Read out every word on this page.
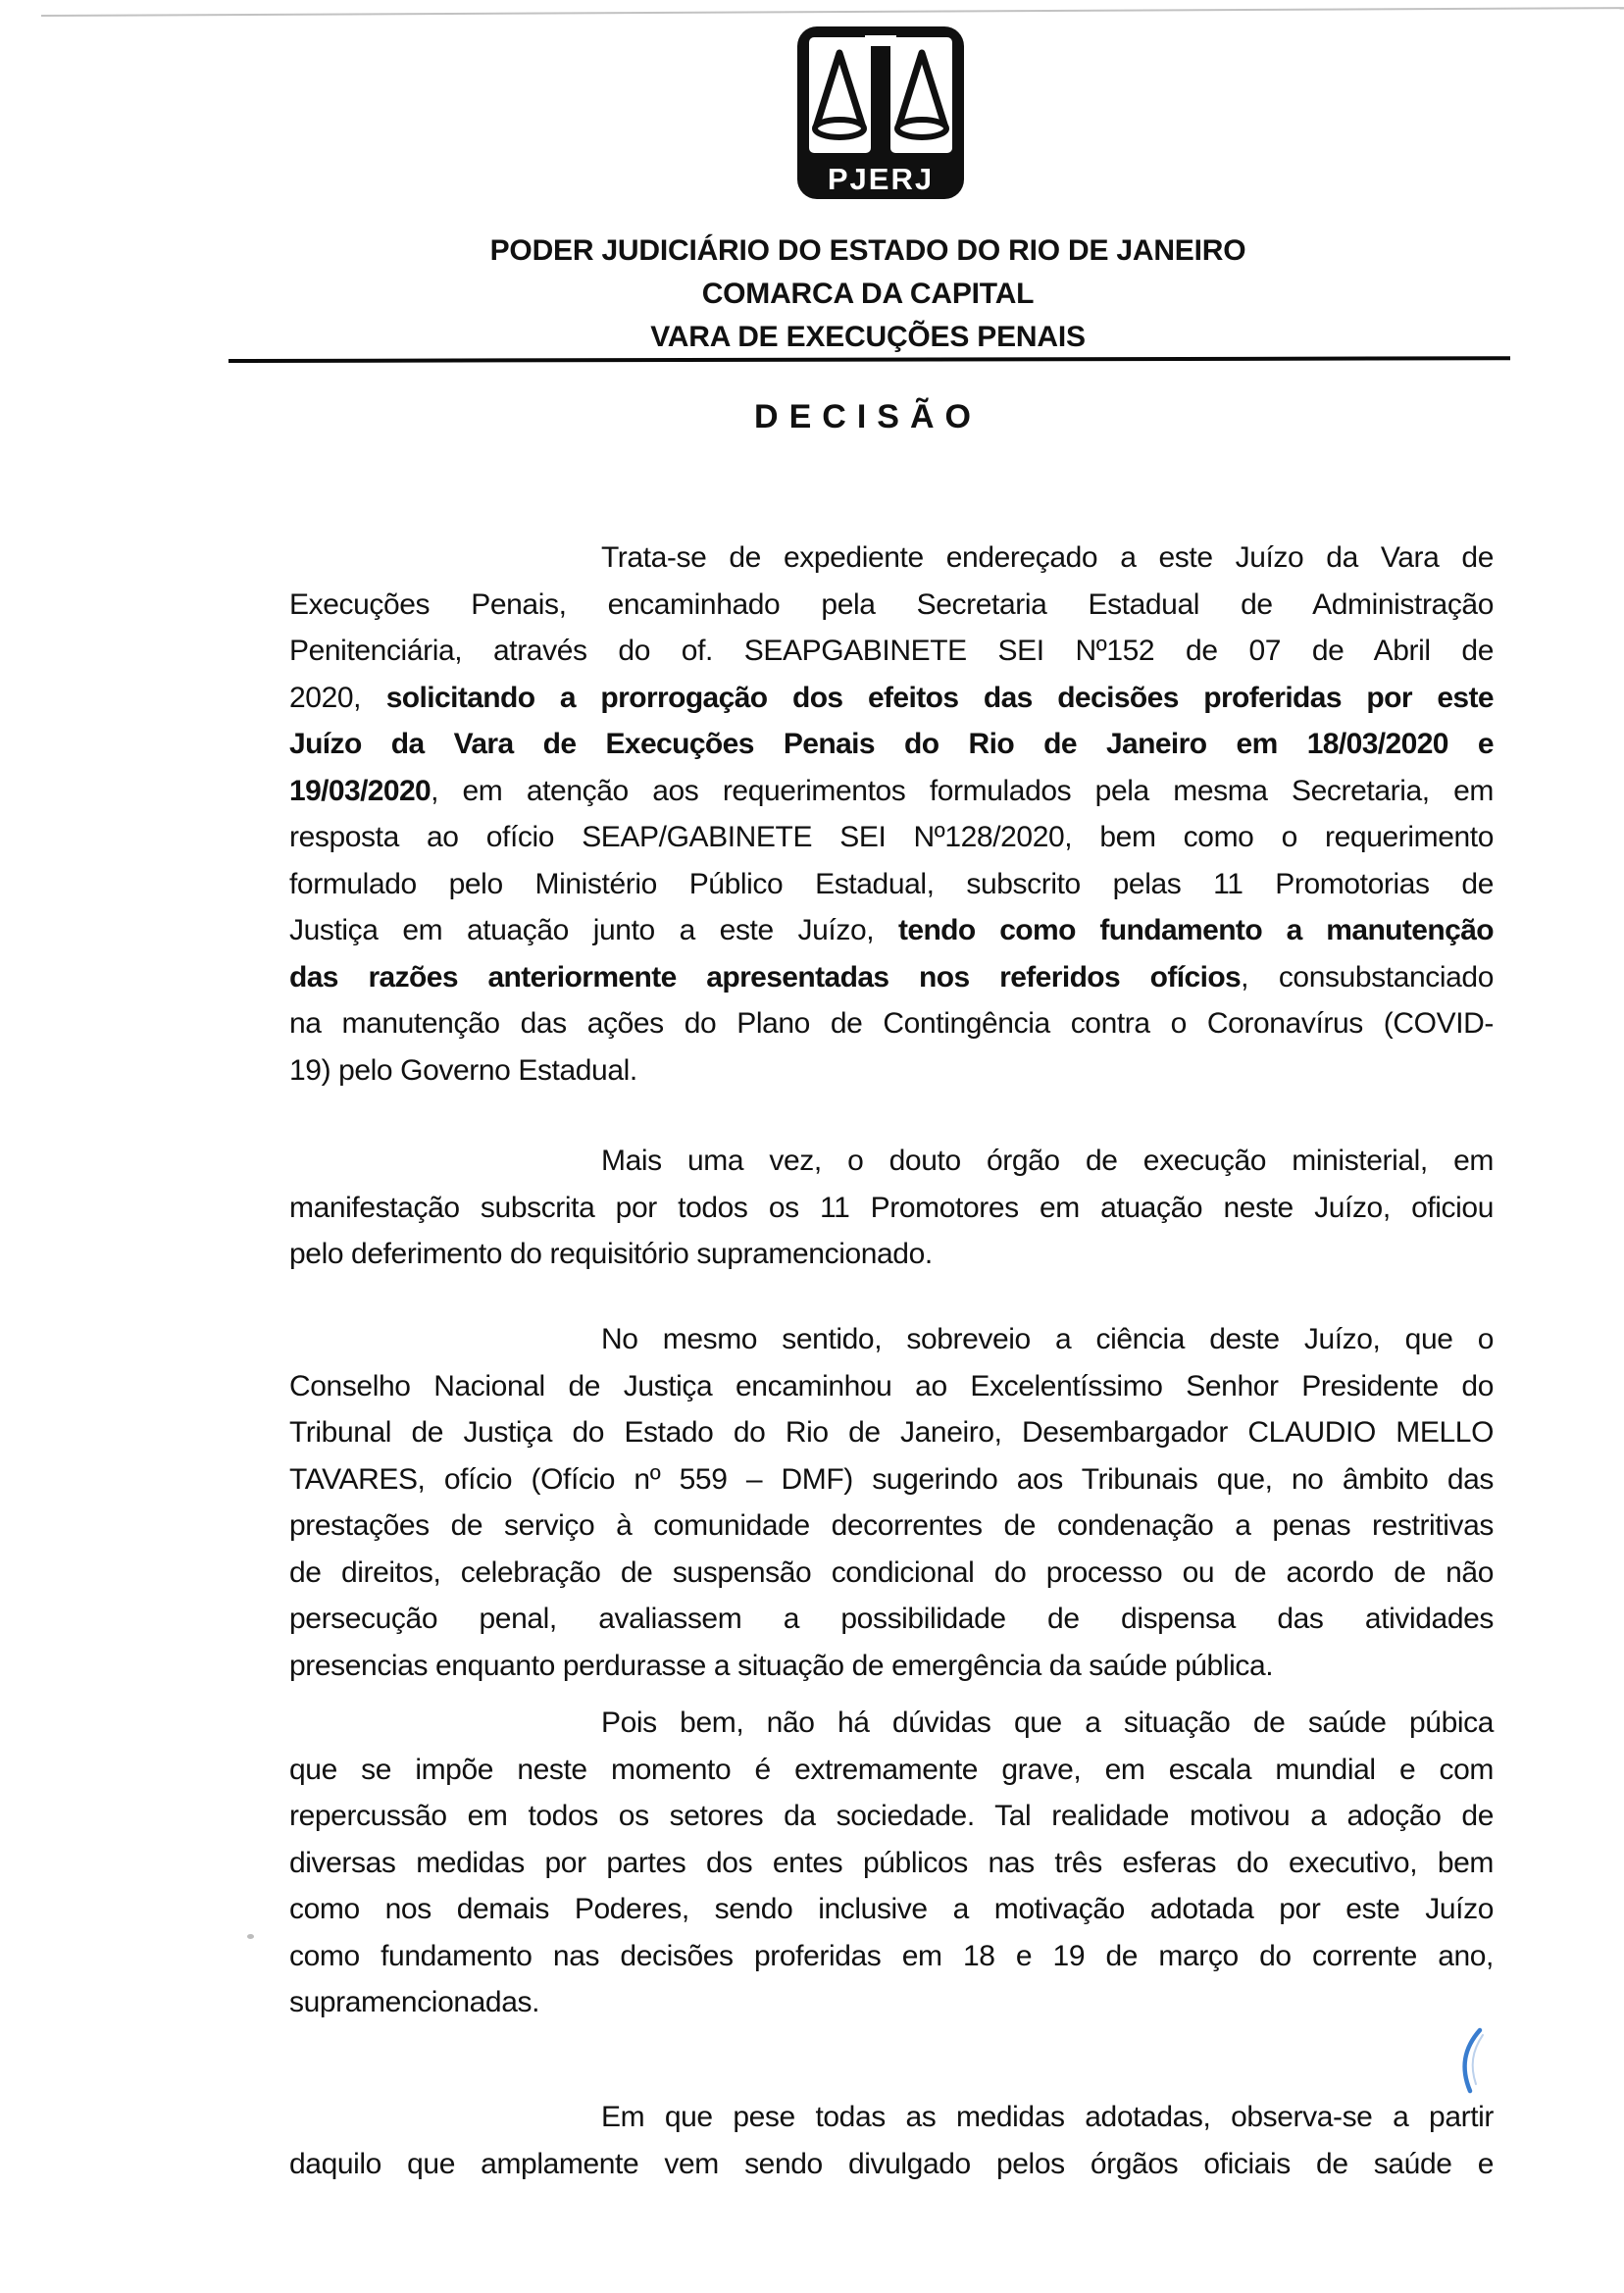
PJERJ
PODER JUDICIÁRIO DO ESTADO DO RIO DE JANEIRO
COMARCA DA CAPITAL
VARA DE EXECUÇÕES PENAIS
DECISÃO
Trata-se de expediente endereçado a este Juízo da Vara de
Execuções Penais, encaminhado pela Secretaria Estadual de Administração
Penitenciária, através do of. SEAPGABINETE SEI Nº152 de 07 de Abril de
2020, solicitando a prorrogação dos efeitos das decisões proferidas por este
Juízo da Vara de Execuções Penais do Rio de Janeiro em 18/03/2020 e
19/03/2020, em atenção aos requerimentos formulados pela mesma Secretaria, em
resposta ao ofício SEAP/GABINETE SEI Nº128/2020, bem como o requerimento
formulado pelo Ministério Público Estadual, subscrito pelas 11 Promotorias de
Justiça em atuação junto a este Juízo, tendo como fundamento a manutenção
das razões anteriormente apresentadas nos referidos ofícios, consubstanciado
na manutenção das ações do Plano de Contingência contra o Coronavírus (COVID-
19) pelo Governo Estadual.
Mais uma vez, o douto órgão de execução ministerial, em
manifestação subscrita por todos os 11 Promotores em atuação neste Juízo, oficiou
pelo deferimento do requisitório supramencionado.
No mesmo sentido, sobreveio a ciência deste Juízo, que o
Conselho Nacional de Justiça encaminhou ao Excelentíssimo Senhor Presidente do
Tribunal de Justiça do Estado do Rio de Janeiro, Desembargador CLAUDIO MELLO
TAVARES, ofício (Ofício nº 559 – DMF) sugerindo aos Tribunais que, no âmbito das
prestações de serviço à comunidade decorrentes de condenação a penas restritivas
de direitos, celebração de suspensão condicional do processo ou de acordo de não
persecução penal, avaliassem a possibilidade de dispensa das atividades
presencias enquanto perdurasse a situação de emergência da saúde pública.
Pois bem, não há dúvidas que a situação de saúde púbica
que se impõe neste momento é extremamente grave, em escala mundial e com
repercussão em todos os setores da sociedade. Tal realidade motivou a adoção de
diversas medidas por partes dos entes públicos nas três esferas do executivo, bem
como nos demais Poderes, sendo inclusive a motivação adotada por este Juízo
como fundamento nas decisões proferidas em 18 e 19 de março do corrente ano,
supramencionadas.
Em que pese todas as medidas adotadas, observa-se a partir
daquilo que amplamente vem sendo divulgado pelos órgãos oficiais de saúde e
